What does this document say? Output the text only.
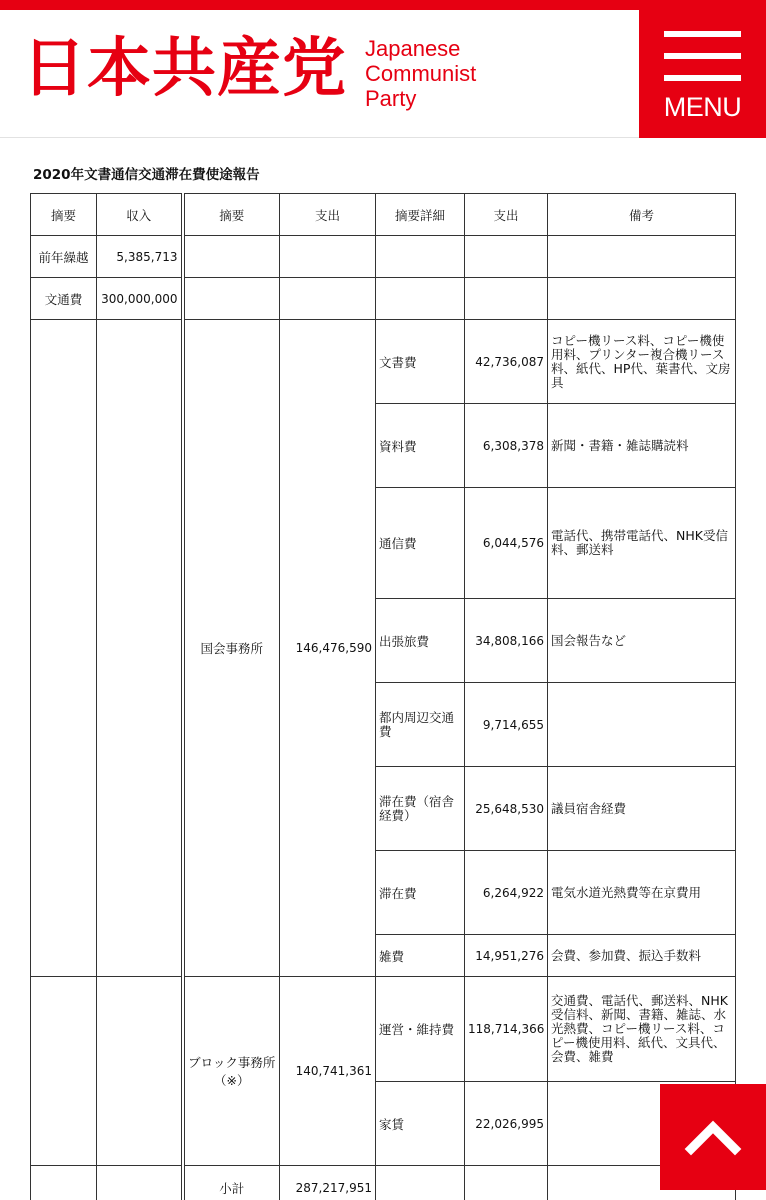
日本共産党 Japanese
Communist
Party	MENU
2020年文書通信交通滞在費使途報告
摘要	収入	摘要	支出	摘要詳細	支出	備考
前年繰越	5,385,713					
文通費	300,000,000					
		国会事務所	146,476,590	文書費	42,736,087	コピー機リース料、コピー機使用料、プリンター複合機リース料、紙代、HP代、葉書代、文房具
				資料費	6,308,378	新聞・書籍・雑誌購読料
				通信費	6,044,576	電話代、携帯電話代、NHK受信料、郵送料
				出張旅費	34,808,166	国会報告など
				都内周辺交通費	9,714,655	
				滞在費（宿舎経費）	25,648,530	議員宿舎経費
				滞在費	6,264,922	電気水道光熱費等在京費用
				雑費	14,951,276	会費、参加費、振込手数料
		ブロック事務所（※）	140,741,361	運営・維持費	118,714,366	交通費、電話代、郵送料、NHK受信料、新聞、書籍、雑誌、水光熱費、コピー機リース料、コピー機使用料、紙代、文具代、会費、雑費
				家賃	22,026,995	
		小計	287,217,951			
